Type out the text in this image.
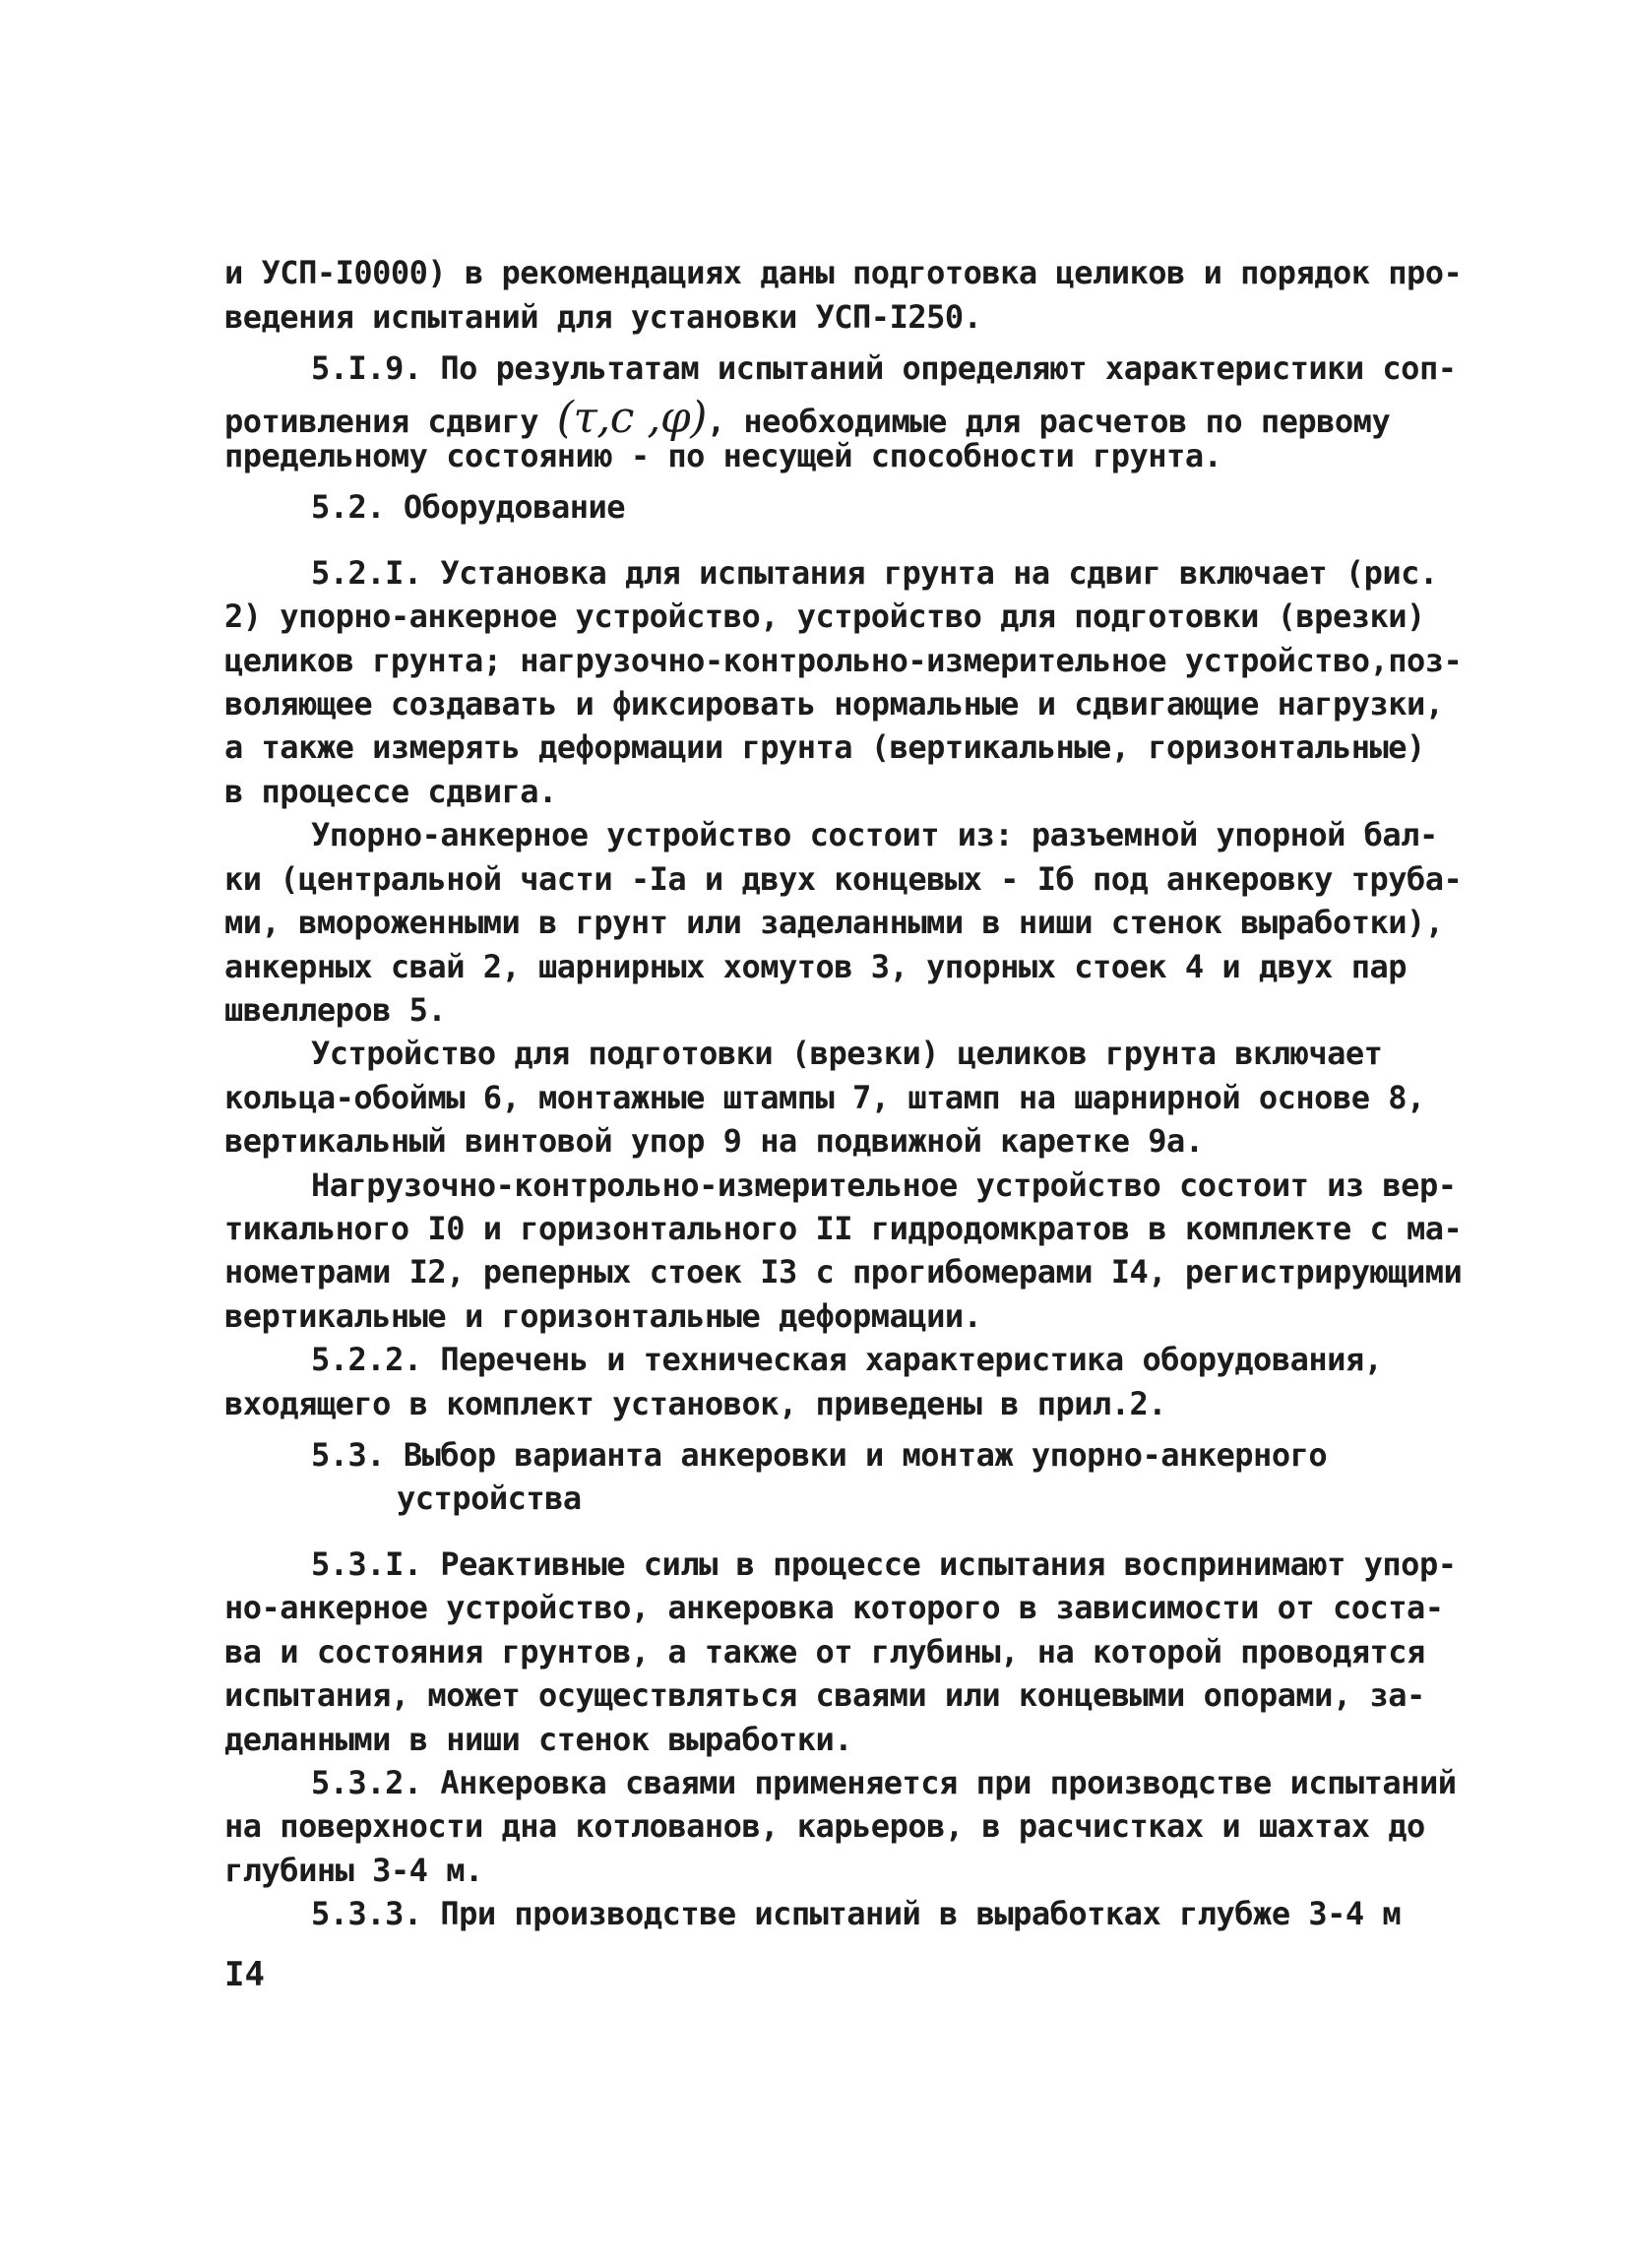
и УСП-I0000) в рекомендациях даны подготовка целиков и порядок про-
ведения испытаний для установки УСП-I250.
5.I.9. По результатам испытаний определяют характеристики соп-
ротивления сдвигу (τ,c ,φ), необходимые для расчетов по первому
предельному состоянию - по несущей способности грунта.
5.2. Оборудование
5.2.I. Установка для испытания грунта на сдвиг включает (рис.
2) упорно-анкерное устройство, устройство для подготовки (врезки)
целиков грунта; нагрузочно-контрольно-измерительное устройство,поз-
воляющее создавать и фиксировать нормальные и сдвигающие нагрузки,
а также измерять деформации грунта (вертикальные, горизонтальные)
в процессе сдвига.
Упорно-анкерное устройство состоит из: разъемной упорной бал-
ки (центральной части -Iа и двух концевых - Iб под анкеровку труба-
ми, вмороженными в грунт или заделанными в ниши стенок выработки),
анкерных свай 2, шарнирных хомутов 3, упорных стоек 4 и двух пар
швеллеров 5.
Устройство для подготовки (врезки) целиков грунта включает
кольца-обоймы 6, монтажные штампы 7, штамп на шарнирной основе 8,
вертикальный винтовой упор 9 на подвижной каретке 9а.
Нагрузочно-контрольно-измерительное устройство состоит из вер-
тикального I0 и горизонтального II гидродомкратов в комплекте с ма-
нометрами I2, реперных стоек I3 с прогибомерами I4, регистрирующими
вертикальные и горизонтальные деформации.
5.2.2. Перечень и техническая характеристика оборудования,
входящего в комплект установок, приведены в прил.2.
5.3. Выбор варианта анкеровки и монтаж упорно-анкерного
устройства
5.3.I. Реактивные силы в процессе испытания воспринимают упор-
но-анкерное устройство, анкеровка которого в зависимости от соста-
ва и состояния грунтов, а также от глубины, на которой проводятся
испытания, может осуществляться сваями или концевыми опорами, за-
деланными в ниши стенок выработки.
5.3.2. Анкеровка сваями применяется при производстве испытаний
на поверхности дна котлованов, карьеров, в расчистках и шахтах до
глубины 3-4 м.
5.3.3. При производстве испытаний в выработках глубже 3-4 м
I4
